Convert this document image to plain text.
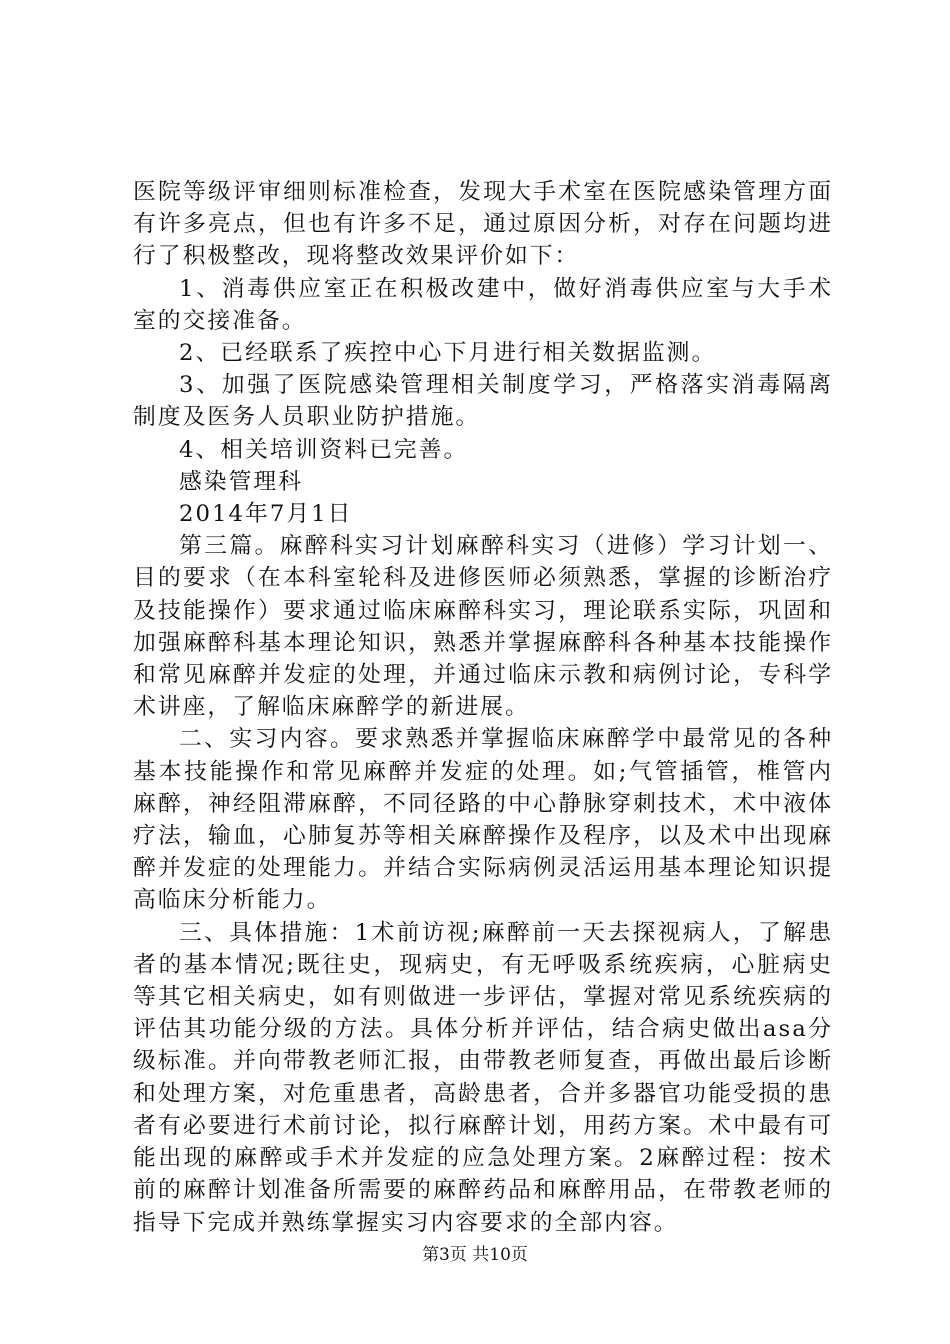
医院等级评审细则标准检查，发现大手术室在医院感染管理方面有许多亮点，但也有许多不足，通过原因分析，对存在问题均进行了积极整改，现将整改效果评价如下：

1、消毒供应室正在积极改建中，做好消毒供应室与大手术室的交接准备。

2、已经联系了疾控中心下月进行相关数据监测。

3、加强了医院感染管理相关制度学习，严格落实消毒隔离制度及医务人员职业防护措施。

4、相关培训资料已完善。

感染管理科

2014年7月1日

第三篇。麻醉科实习计划麻醉科实习（进修）学习计划一、目的要求（在本科室轮科及进修医师必须熟悉，掌握的诊断治疗及技能操作）要求通过临床麻醉科实习，理论联系实际，巩固和加强麻醉科基本理论知识，熟悉并掌握麻醉科各种基本技能操作和常见麻醉并发症的处理，并通过临床示教和病例讨论，专科学术讲座，了解临床麻醉学的新进展。

二、实习内容。要求熟悉并掌握临床麻醉学中最常见的各种基本技能操作和常见麻醉并发症的处理。如;气管插管，椎管内麻醉，神经阻滞麻醉，不同径路的中心静脉穿刺技术，术中液体疗法，输血，心肺复苏等相关麻醉操作及程序，以及术中出现麻醉并发症的处理能力。并结合实际病例灵活运用基本理论知识提高临床分析能力。

三、具体措施：1术前访视;麻醉前一天去探视病人，了解患者的基本情况;既往史，现病史，有无呼吸系统疾病，心脏病史等其它相关病史，如有则做进一步评估，掌握对常见系统疾病的评估其功能分级的方法。具体分析并评估，结合病史做出asa分级标准。并向带教老师汇报，由带教老师复查，再做出最后诊断和处理方案，对危重患者，高龄患者，合并多器官功能受损的患者有必要进行术前讨论，拟行麻醉计划，用药方案。术中最有可能出现的麻醉或手术并发症的应急处理方案。2麻醉过程：按术前的麻醉计划准备所需要的麻醉药品和麻醉用品，在带教老师的指导下完成并熟练掌握实习内容要求的全部内容。

第3页 共10页
